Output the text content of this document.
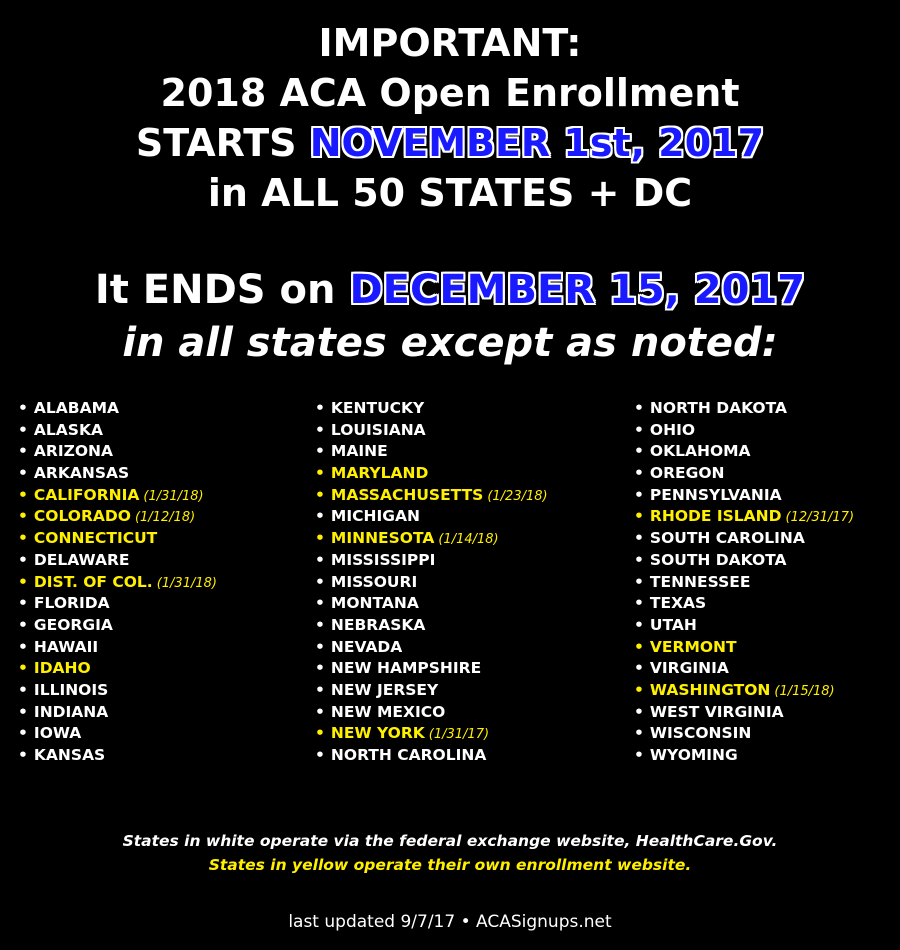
IMPORTANT:
2018 ACA Open Enrollment
STARTS NOVEMBER 1st, 2017
in ALL 50 STATES + DC
It ENDS on DECEMBER 15, 2017
in all states except as noted:
• ALABAMA
• ALASKA
• ARIZONA
• ARKANSAS
• CALIFORNIA (1/31/18)
• COLORADO (1/12/18)
• CONNECTICUT
• DELAWARE
• DIST. OF COL. (1/31/18)
• FLORIDA
• GEORGIA
• HAWAII
• IDAHO
• ILLINOIS
• INDIANA
• IOWA
• KANSAS
• KENTUCKY
• LOUISIANA
• MAINE
• MARYLAND
• MASSACHUSETTS (1/23/18)
• MICHIGAN
• MINNESOTA (1/14/18)
• MISSISSIPPI
• MISSOURI
• MONTANA
• NEBRASKA
• NEVADA
• NEW HAMPSHIRE
• NEW JERSEY
• NEW MEXICO
• NEW YORK (1/31/17)
• NORTH CAROLINA
• NORTH DAKOTA
• OHIO
• OKLAHOMA
• OREGON
• PENNSYLVANIA
• RHODE ISLAND (12/31/17)
• SOUTH CAROLINA
• SOUTH DAKOTA
• TENNESSEE
• TEXAS
• UTAH
• VERMONT
• VIRGINIA
• WASHINGTON (1/15/18)
• WEST VIRGINIA
• WISCONSIN
• WYOMING
States in white operate via the federal exchange website, HealthCare.Gov.
States in yellow operate their own enrollment website.
last updated 9/7/17 • ACASignups.net
